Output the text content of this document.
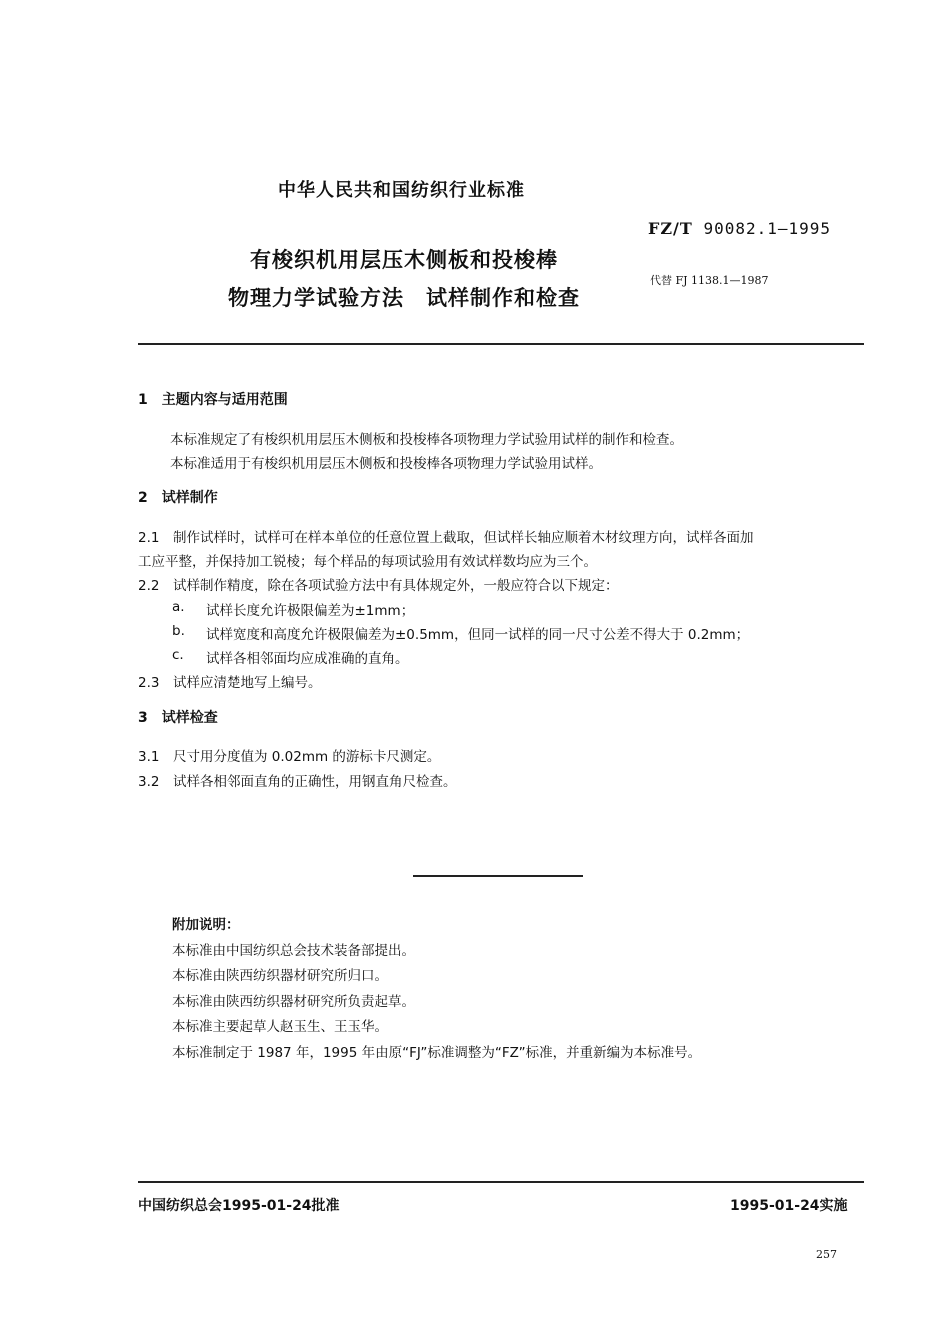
中华人民共和国纺织行业标准
FZ/T 90082.1—1995
有梭织机用层压木侧板和投梭棒
物理力学试验方法　试样制作和检查
代替 FJ 1138.1—1987
1　主题内容与适用范围
本标准规定了有梭织机用层压木侧板和投梭棒各项物理力学试验用试样的制作和检查。
本标准适用于有梭织机用层压木侧板和投梭棒各项物理力学试验用试样。
2　试样制作
2.1　制作试样时，试样可在样本单位的任意位置上截取，但试样长轴应顺着木材纹理方向，试样各面加
工应平整，并保持加工锐棱；每个样品的每项试验用有效试样数均应为三个。
2.2　试样制作精度，除在各项试验方法中有具体规定外，一般应符合以下规定：
a. 试样长度允许极限偏差为±1mm；
b. 试样宽度和高度允许极限偏差为±0.5mm，但同一试样的同一尺寸公差不得大于 0.2mm；
c. 试样各相邻面均应成准确的直角。
2.3　试样应清楚地写上编号。
3　试样检查
3.1　尺寸用分度值为 0.02mm 的游标卡尺测定。
3.2　试样各相邻面直角的正确性，用钢直角尺检查。
附加说明：
本标准由中国纺织总会技术装备部提出。
本标准由陕西纺织器材研究所归口。
本标准由陕西纺织器材研究所负责起草。
本标准主要起草人赵玉生、王玉华。
本标准制定于 1987 年，1995 年由原“FJ”标准调整为“FZ”标准，并重新编为本标准号。
中国纺织总会1995-01-24批准	1995-01-24实施
257
